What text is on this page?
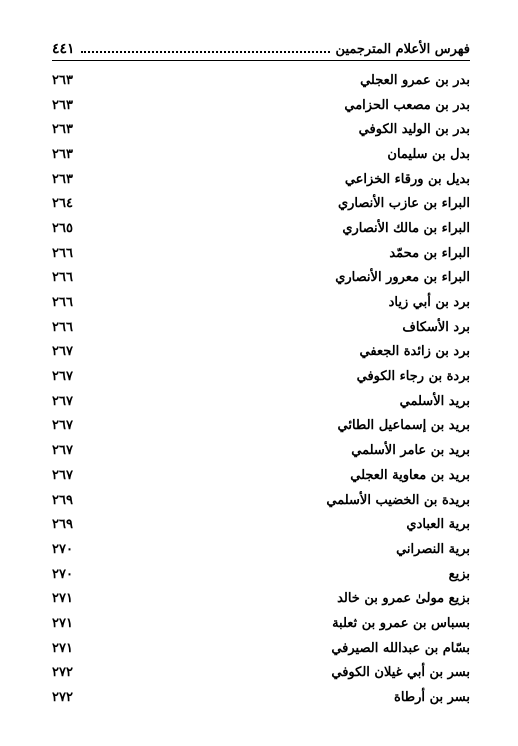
فهرس الأعلام المترجمين
٤٤١
بدر بن عمرو العجلي
٢٦٣
بدر بن مصعب الحزامي
٢٦٣
بدر بن الوليد الكوفي
٢٦٣
بدل بن سليمان
٢٦٣
بديل بن ورقاء الخزاعي
٢٦٣
البراء بن عازب الأنصاري
٢٦٤
البراء بن مالك الأنصاري
٢٦٥
البراء بن محمّد
٢٦٦
البراء بن معرور الأنصاري
٢٦٦
برد بن أبي زياد
٢٦٦
برد الأسكاف
٢٦٦
برد بن زائدة الجعفي
٢٦٧
بردة بن رجاء الكوفي
٢٦٧
بريد الأسلمي
٢٦٧
بريد بن إسماعيل الطائي
٢٦٧
بريد بن عامر الأسلمي
٢٦٧
بريد بن معاوية العجلي
٢٦٧
بريدة بن الخضيب الأسلمي
٢٦٩
برية العبادي
٢٦٩
برية النصراني
٢٧٠
بزيع
٢٧٠
بزيع مولىٰ عمرو بن خالد
٢٧١
بسباس بن عمرو بن ثعلبة
٢٧١
بسّام بن عبدالله الصيرفي
٢٧١
بسر بن أبي غيلان الكوفي
٢٧٢
بسر بن أرطاة
٢٧٢
